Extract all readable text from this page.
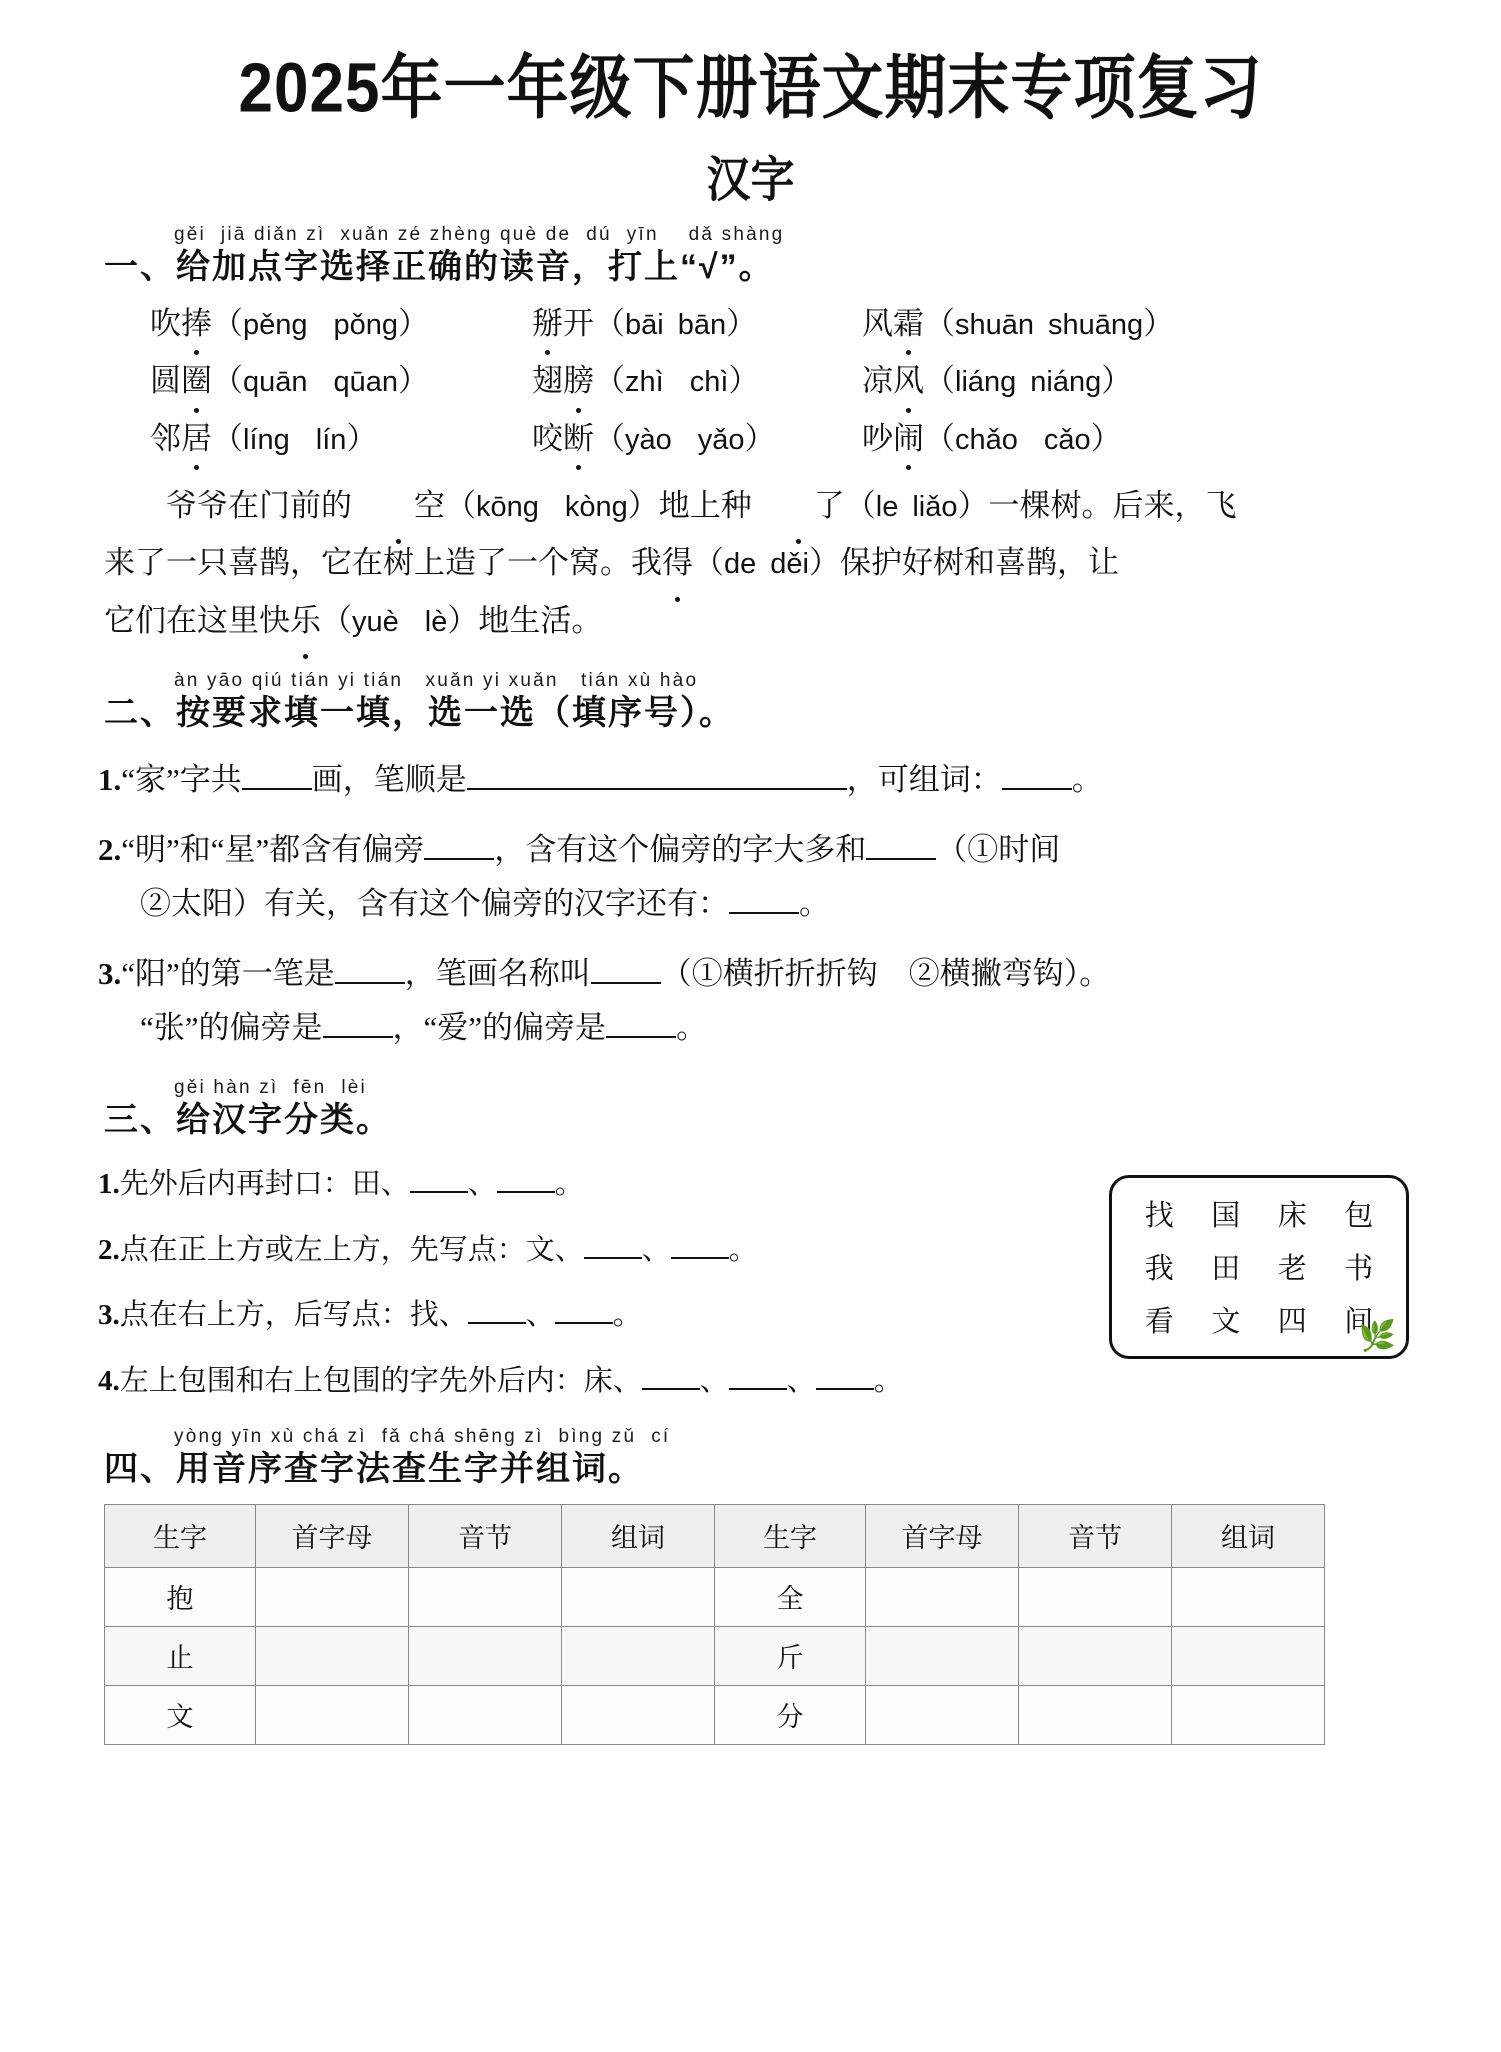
2025年一年级下册语文期末专项复习
汉字
gěi  jiā diǎn zì  xuǎn zé zhèng què de  dú  yīn    dǎ shàng
一、给加点字选择正确的读音，打上“√”。
吹捧（pěng pǒng）	掰开（bāi bān）	风霜（shuān shuāng）
圆圈（quān qūan）	翅膀（zhì chì）	凉风（liáng niáng）
邻居（líng lín）	咬断（yào yǎo）	吵闹（chǎo cǎo）
爷爷在门前的 空（kōng kòng）地上种 了（le liǎo）一棵树。后来，飞
来了一只喜鹊，它在树上造了一个窝。我得（de děi）保护好树和喜鹊，让
它们在这里快乐（yuè lè）地生活。
àn yāo qiú tián yi tián   xuǎn yi xuǎn   tián xù hào
二、按要求填一填，选一选（填序号）。
1.“家”字共 画，笔顺是	，可组词： 。
2.“明”和“星”都含有偏旁 ，含有这个偏旁的字大多和 （①时间
②太阳）有关，含有这个偏旁的汉字还有： 。
3.“阳”的第一笔是 ，笔画名称叫 （①横折折折钩　②横撇弯钩）。
“张”的偏旁是 ，“爱”的偏旁是 。
gěi hàn zì  fēn  lèi
三、给汉字分类。
找	国	床	包
我	田	老	书
看	文	四	间
🌿
1.先外后内再封口：田、 、 。
2.点在正上方或左上方，先写点：文、 、 。
3.点在右上方，后写点：找、 、 。
4.左上包围和右上包围的字先外后内：床、 、 、 。
yòng yīn xù chá zì  fǎ chá shēng zì  bìng zǔ  cí
四、用音序查字法查生字并组词。
生字	首字母	音节	组词	生字	首字母	音节	组词
抱				全			
止				斤			
文				分			
